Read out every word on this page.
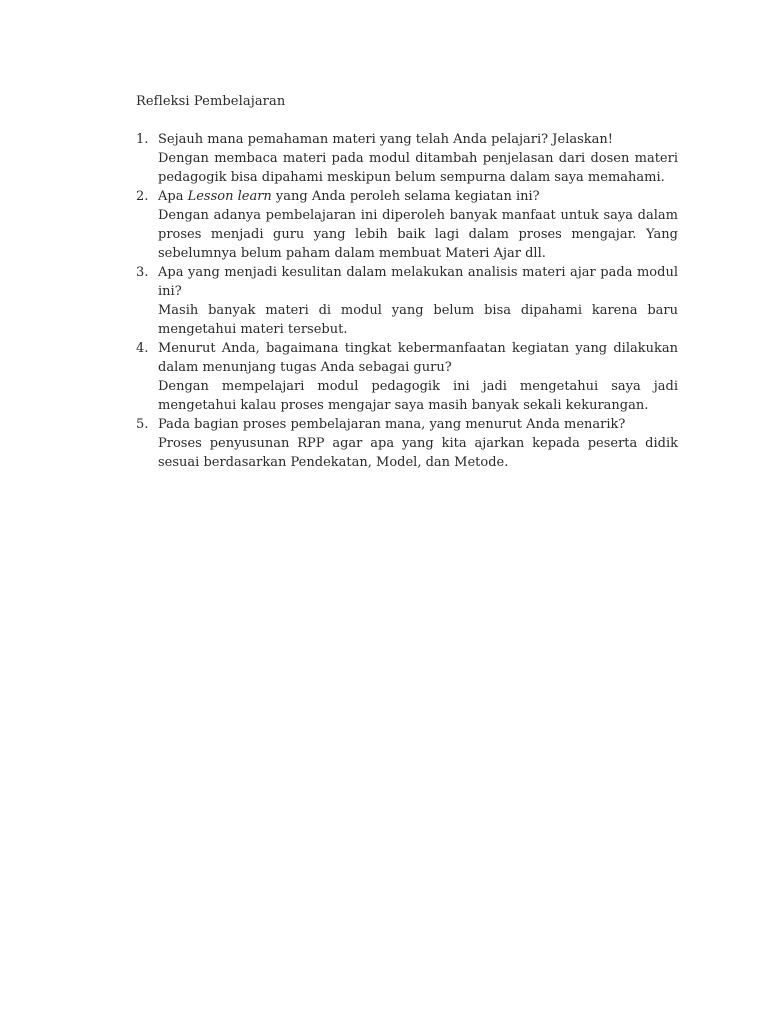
Refleksi Pembelajaran
1. Sejauh mana pemahaman materi yang telah Anda pelajari? Jelaskan!

Dengan membaca materi pada modul ditambah penjelasan dari dosen materi pedagogik bisa dipahami meskipun belum sempurna dalam saya memahami.

2. Apa Lesson learn yang Anda peroleh selama kegiatan ini?

Dengan adanya pembelajaran ini diperoleh banyak manfaat untuk saya dalam proses menjadi guru yang lebih baik lagi dalam proses mengajar. Yang sebelumnya belum paham dalam membuat Materi Ajar dll.

3. Apa yang menjadi kesulitan dalam melakukan analisis materi ajar pada modul ini?

Masih banyak materi di modul yang belum bisa dipahami karena baru mengetahui materi tersebut.

4. Menurut Anda, bagaimana tingkat kebermanfaatan kegiatan yang dilakukan dalam menunjang tugas Anda sebagai guru?

Dengan mempelajari modul pedagogik ini jadi mengetahui saya jadi mengetahui kalau proses mengajar saya masih banyak sekali kekurangan.

5. Pada bagian proses pembelajaran mana, yang menurut Anda menarik?

Proses penyusunan RPP agar apa yang kita ajarkan kepada peserta didik sesuai berdasarkan Pendekatan, Model, dan Metode.
